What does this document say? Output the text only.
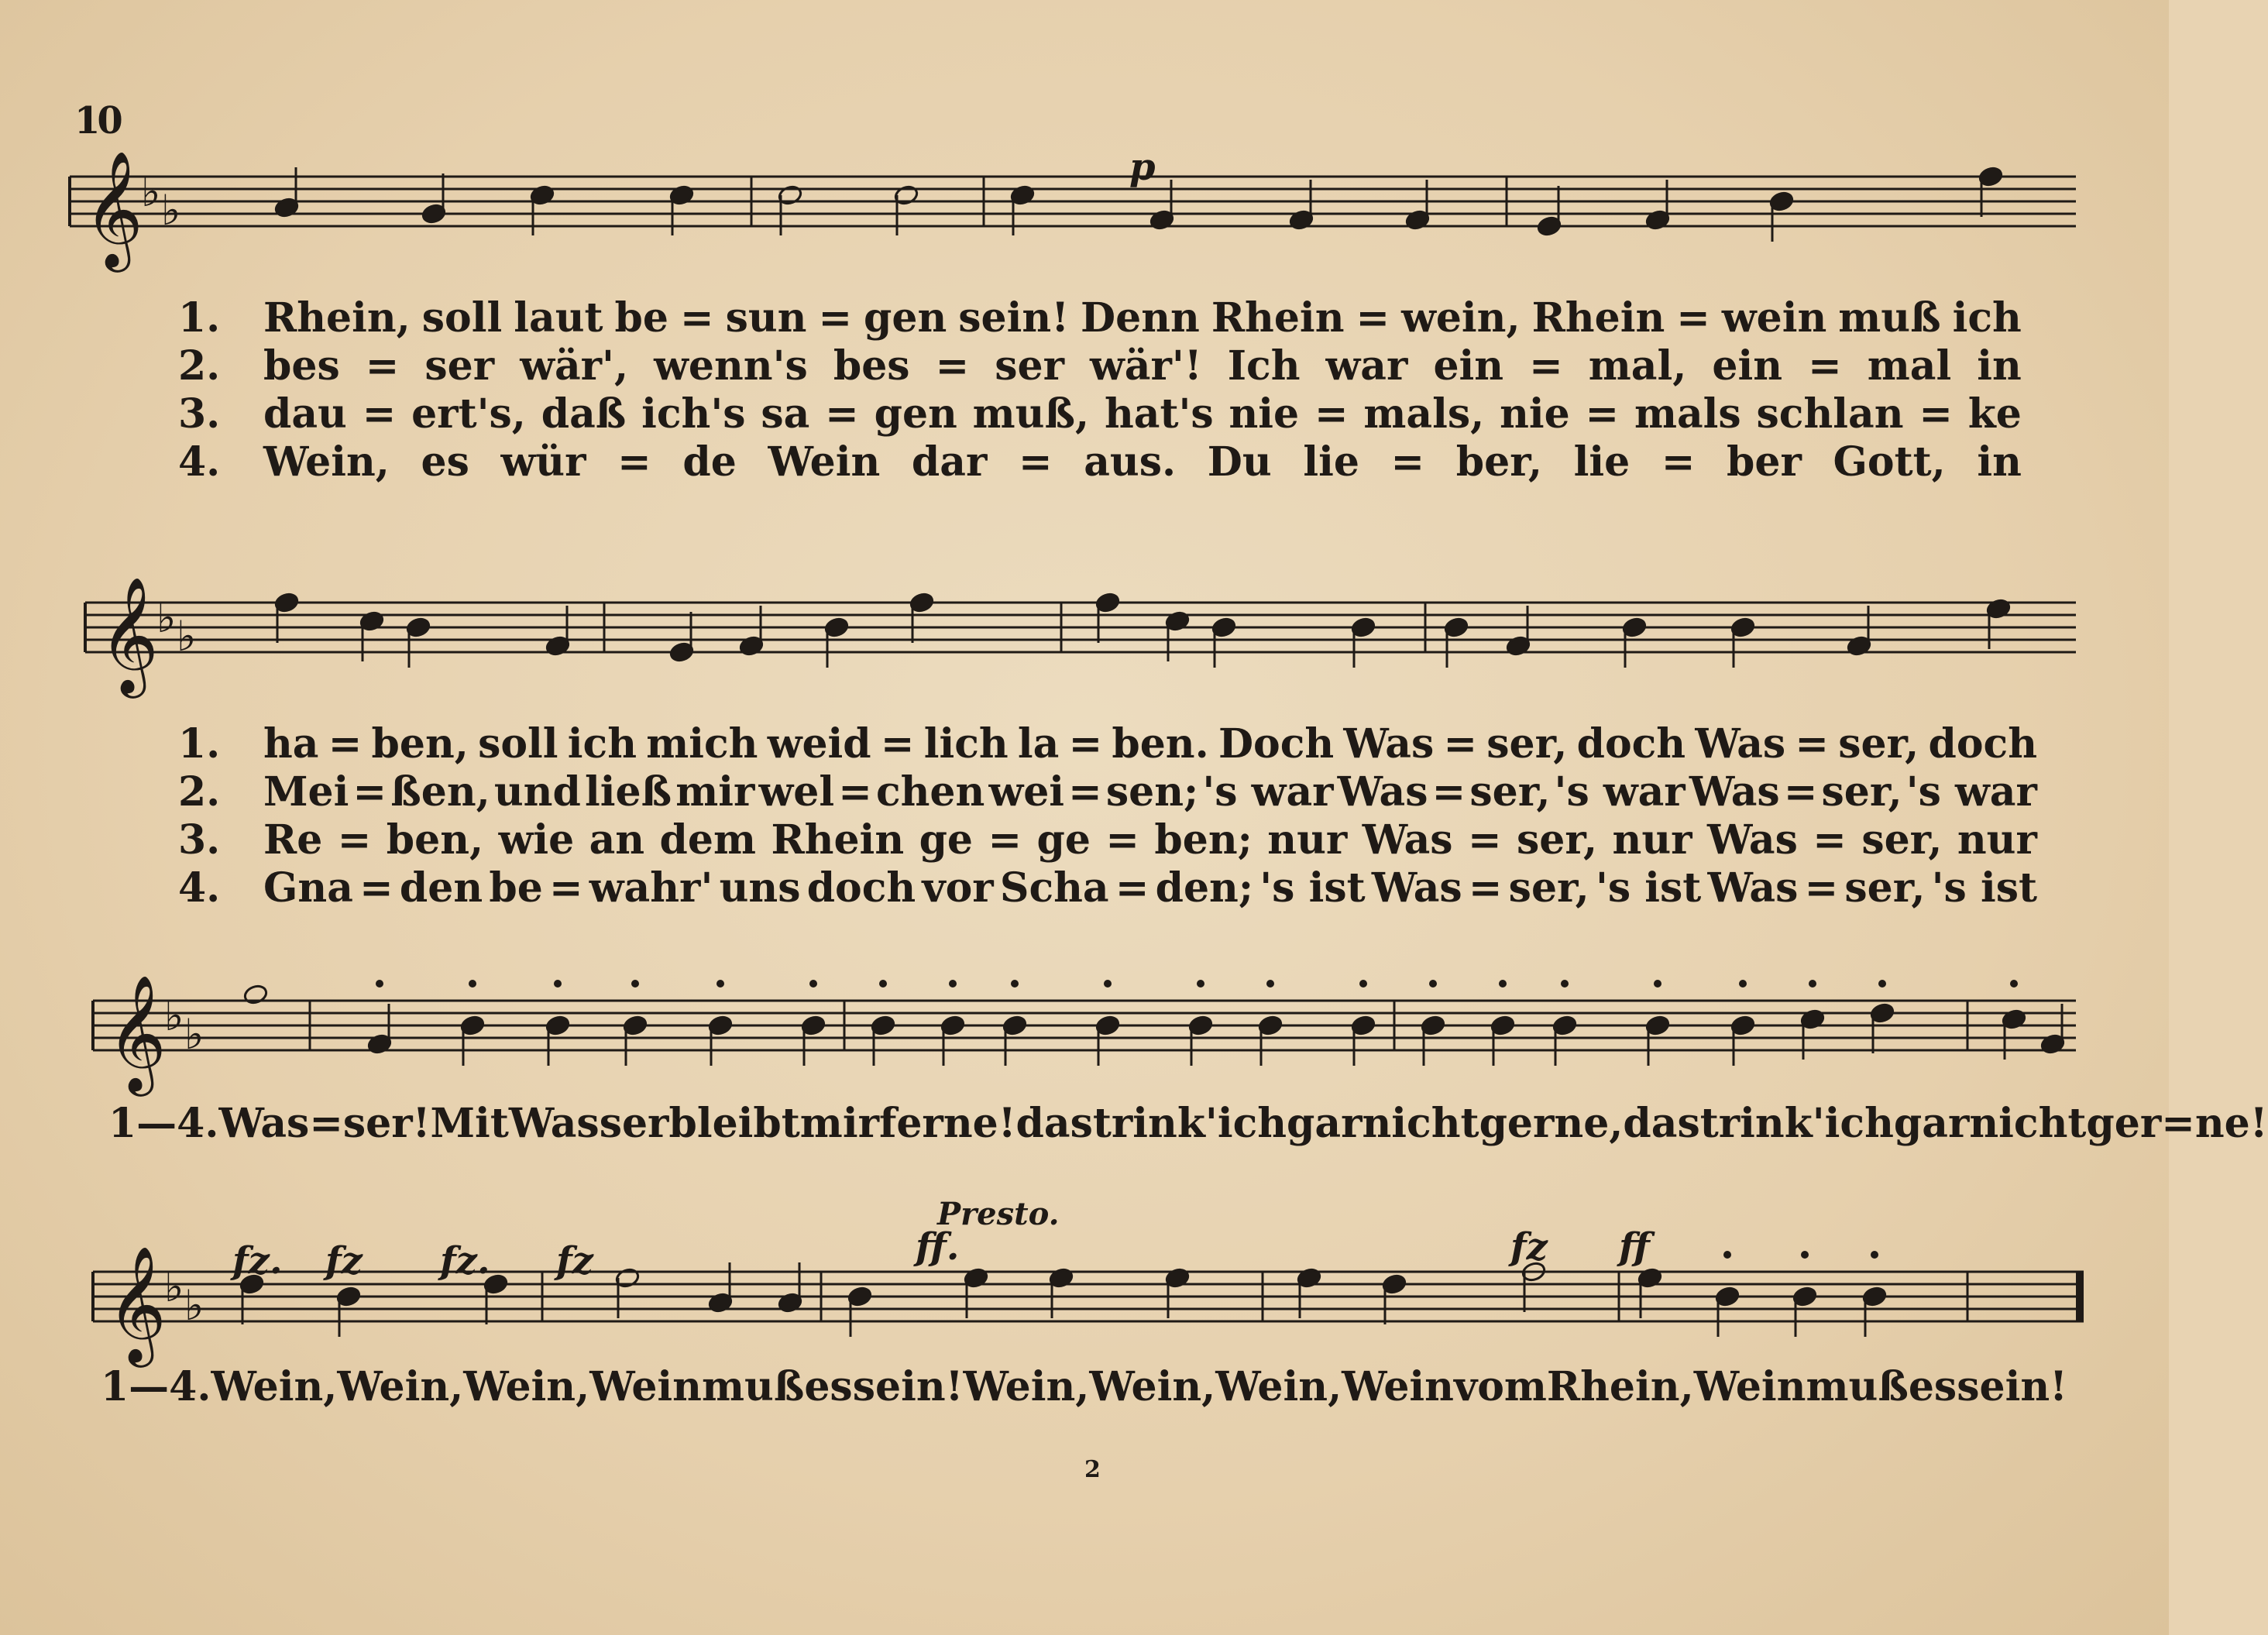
10
𝄞
♭ ♭
p
1.	Rhein, soll laut be = sun = gen sein! Denn Rhein = wein, Rhein = wein muß ich
2.	bes = ser wär', wenn's bes = ser wär'! Ich war ein = mal, ein = mal in
3.	dau = ert's, daß ich's sa = gen muß, hat's nie = mals, nie = mals schlan = ke
4.	Wein, es wür = de Wein dar = aus. Du lie = ber, lie = ber Gott, in
𝄞
♭ ♭
1.	ha = ben, soll ich mich weid = lich la = ben. Doch Was = ser, doch Was = ser, doch
2.	Mei = ßen, und ließ mir wel = chen wei = sen; 's war Was = ser, 's war Was = ser, 's war
3.	Re = ben, wie an dem Rhein ge = ge = ben; nur Was = ser, nur Was = ser, nur
4.	Gna = den be = wahr' uns doch vor Scha = den; 's ist Was = ser, 's ist Was = ser, 's ist
𝄞
♭ ♭
1—4. Was = ser! Mit Wasser bleibt mir ferne! das trink' ich gar nicht gerne, das trink' ich gar nicht ger = ne!
𝄞
♭ ♭
Presto.
fz. fz fz. fz	ff.	fz ff
1—4. Wein, Wein, Wein, Wein muß es sein! Wein, Wein, Wein, Wein vom Rhein, Wein muß es sein!
2
